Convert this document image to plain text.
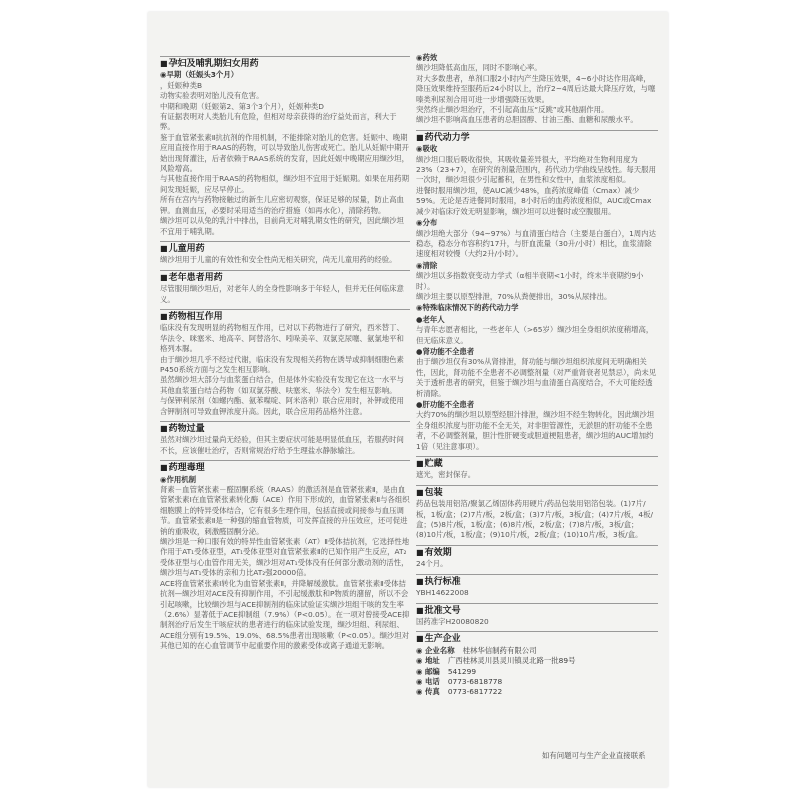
■孕妇及哺乳期妇女用药
◉早期（妊娠头3个月）

，妊娠种类B

动物实验表明对胎儿没有危害。

中期和晚期（妊娠第2、第3个3个月），妊娠种类D

有证据表明对人类胎儿有危险，但相对母亲获得的治疗益处而言，利大于弊。

鉴于血管紧张素Ⅱ抗抗剂的作用机制，不能排除对胎儿的危害。妊娠中、晚期应用直接作用于RAAS的药物，可以导致胎儿伤害或死亡。胎儿从妊娠中期开始出现肾灌注，后者依赖于RAAS系统的发育，因此妊娠中晚期应用缬沙坦，风险增高。

与其他直接作用于RAAS的药物相似，缬沙坦不宜用于妊娠期。如果在用药期间发现妊娠，应尽早停止。

所有在宫内与药物接触过的新生儿应密切观察，保证足够的尿量，防止高血钾。血测血压，必要时采用适当的治疗措施（如再水化），清除药物。

缬沙坦可以从兔的乳汁中排出，目前尚无对哺乳期女性的研究，因此缬沙坦不宜用于哺乳期。

■儿童用药

缬沙坦用于儿童的有效性和安全性尚无相关研究，尚无儿童用药的经验。

■老年患者用药

尽管服用缬沙坦后，对老年人的全身性影响多于年轻人，但并无任何临床意义。

■药物相互作用

临床没有发现明显的药物相互作用，已对以下药物进行了研究，西米替丁、华法令、咪塞米、地高辛、阿替洛尔、吲哚美辛、双氯克尿噻、氨氯地平和格列本脲。

由于缬沙坦几乎不经过代谢，临床没有发现相关药物在诱导或抑制细胞色素P450系统方面与之发生相互影响。

虽然缬沙坦大部分与血浆蛋白结合，但是体外实验没有发现它在这一水平与其他血浆蛋白结合药物（如双氯芬酸、呋塞米、华法令）发生相互影响。

与保钾利尿剂（如螺内酯、氨苯喋啶、阿米洛利）联合应用时，补钾或使用含钾制剂可导致血钾浓度升高。因此，联合应用药品格外注意。

■药物过量

虽然对缬沙坦过量尚无经验，但其主要症状可能是明显低血压，若服药时间不长，应该催吐治疗，否则常规治疗给予生理盐水静脉输注。

■药理毒理
◉作用机制

肾素－血管紧张素－醛固酮系统（RAAS）的激活剂是血管紧张素Ⅱ，是由血管紧张素Ⅰ在血管紧张素转化酶（ACE）作用下形成的，血管紧张素Ⅱ与各组织细胞膜上的特异受体结合，它有很多生理作用，包括直接或间接参与血压调节。血管紧张素Ⅱ是一种强的缩血管物质，可发挥直接的升压效应，还可促进钠的重吸收，刺激醛固酮分泌。

缬沙坦是一种口服有效的特异性血管紧张素（AT）Ⅱ受体拮抗剂，它选择性地作用于AT₁受体亚型，AT₁受体亚型对血管紧张素Ⅱ的已知作用产生反应，AT₂受体亚型与心血管作用无关，缬沙坦对AT₁受体没有任何部分激动剂的活性，缬沙坦与AT₁受体的亲和力比AT₂强20000倍。

ACE将血管紧张素Ⅰ转化为血管紧张素Ⅱ，并降解缓激肽。血管紧张素Ⅱ受体拮抗剂—缬沙坦对ACE没有抑制作用，不引起缓激肽和P物质的潴留，所以不会引起咳嗽，比较缬沙坦与ACE抑制剂的临床试验证实缬沙坦组干咳的发生率（2.6%）显著低于ACE抑制组（7.9%）（P<0.05）。在一项对曾接受ACE抑制剂治疗后发生干咳症状的患者进行的临床试验发现，缬沙坦组、利尿组、ACE组分别有19.5%、19.0%、68.5%患者出现咳嗽（P<0.05）。缬沙坦对其他已知的在心血管调节中起重要作用的激素受体或离子通道无影响。

◉药效

缬沙坦降低高血压，同时不影响心率。

对大多数患者，单剂口服2小时内产生降压效果，4~6小时达作用高峰，降压效果维持至服药后24小时以上，治疗2~4周后达最大降压疗效，与噻嗪类利尿剂合用可进一步增强降压效果。

突然终止缬沙坦治疗，不引起高血压“反跳”或其他副作用。

缬沙坦不影响高血压患者的总胆固醇、甘油三酯、血糖和尿酸水平。

■药代动力学
◉吸收

缬沙坦口服后吸收很快，其吸收量差异很大，平均绝对生物利用度为23%（23+7），在研究的剂量范围内，药代动力学曲线呈线性。每天服用一次时，缬沙坦很少引起蓄积，在男性和女性中，血浆浓度相似。

进餐时服用缬沙坦，使AUC减少48%，血药浓度峰值（Cmax）减少59%。无论是否进餐同时服用，8小时后的血药浓度相似，AUC或Cmax减少对临床疗效无明显影响，缬沙坦可以进餐时或空腹服用。

◉分布

缬沙坦绝大部分（94~97%）与血清蛋白结合（主要是白蛋白），1周内达稳态，稳态分布容积约17升，与肝血流量（30升/小时）相比，血浆清除速度相对较慢（大约2升/小时）。

◉清除

缬沙坦以多指数衰变动力学式（α相半衰期<1小时，终末半衰期约9小时）。

缬沙坦主要以原型排泄，70%从粪便排出，30%从尿排出。

◉特殊临床情况下的药代动力学
●老年人

与青年志愿者相比，一些老年人（>65岁）缬沙坦全身组织浓度稍增高，但无临床意义。

●肾功能不全患者

由于缬沙坦仅有30%从肾排泄，肾功能与缬沙坦组织浓度间无明确相关性，因此，肾功能不全患者不必调整剂量（对严重肾衰者见禁忌），尚未见关于透析患者的研究，但鉴于缬沙坦与血清蛋白高度结合，不大可能经透析清除。

●肝功能不全患者

大约70%的缬沙坦以原型经胆汁排泄，缬沙坦不经生物转化，因此缬沙坦全身组织浓度与肝功能不全无关，对非胆管源性，无淤胆的肝功能不全患者，不必调整剂量，胆汁性肝硬变或胆道梗阻患者，缬沙坦的AUC增加约1倍（见注意事项）。

■贮藏

遮光，密封保存。

■包装

药品包装用铝箔/聚氯乙烯固体药用硬片/药品包装用铝箔包装。(1)7片/板，1板/盒；(2)7片/板，2板/盒；(3)7片/板，3板/盒；(4)7片/板，4板/盒；(5)8片/板，1板/盒；(6)8片/板，2板/盒；(7)8片/板，3板/盒；(8)10片/板，1板/盒；(9)10片/板，2板/盒；(10)10片/板，3板/盒。

■有效期

24个月。

■执行标准

YBH14622008

■批准文号

国药准字H20080820

■生产企业
◉ 企业名称 桂林华信制药有限公司
◉ 地址 广西桂林灵川县灵川镇灵北路一批89号
◉ 邮编 541299
◉ 电话 0773-6818778
◉ 传真 0773-6817722
如有问题可与生产企业直接联系
